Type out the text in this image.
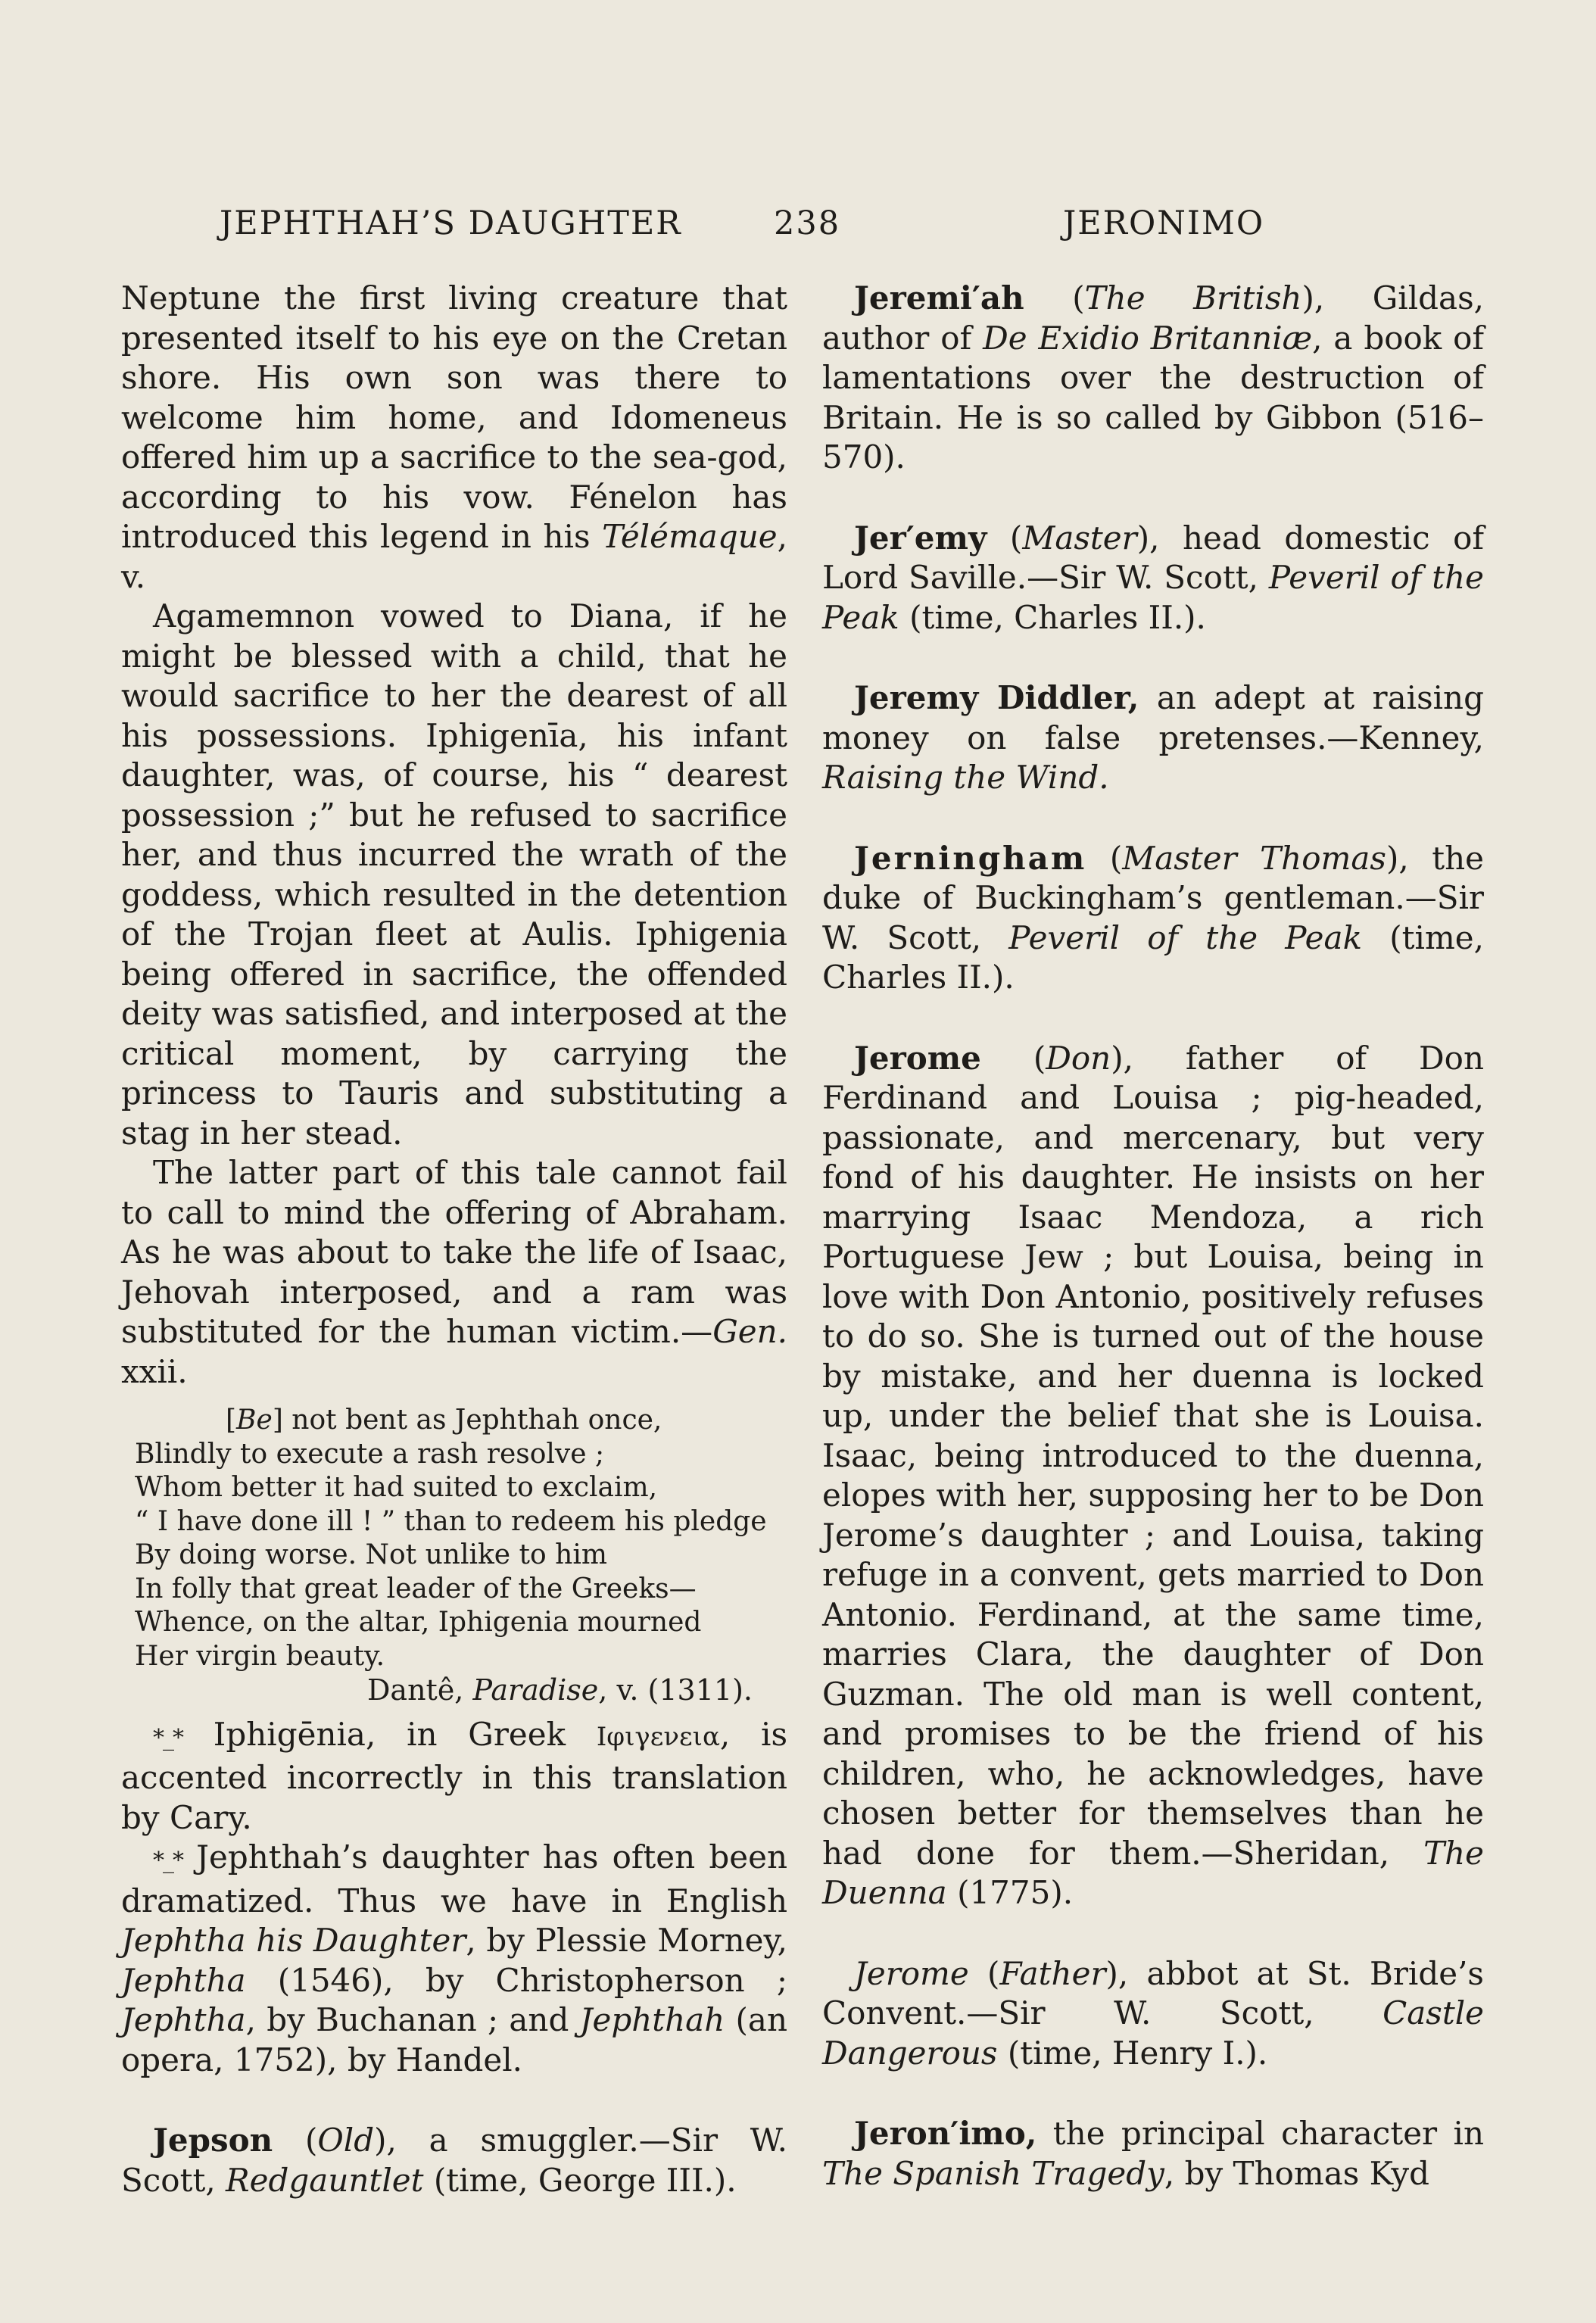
JEPHTHAH’S DAUGHTER	238	JERONIMO

Neptune the first living creature that presented itself to his eye on the Cretan shore. His own son was there to welcome him home, and Idomeneus offered him up a sacrifice to the sea-god, according to his vow. Fénelon has introduced this legend in his Télémaque, v.

Agamemnon vowed to Diana, if he might be blessed with a child, that he would sacrifice to her the dearest of all his possessions. Iphigenīa, his infant daughter, was, of course, his “ dearest possession ;” but he refused to sacrifice her, and thus incurred the wrath of the goddess, which resulted in the detention of the Trojan fleet at Aulis. Iphigenia being offered in sacrifice, the offended deity was satisfied, and interposed at the critical moment, by carrying the princess to Tauris and substituting a stag in her stead.

The latter part of this tale cannot fail to call to mind the offering of Abraham. As he was about to take the life of Isaac, Jehovah interposed, and a ram was substituted for the human victim.—Gen. xxii.

[Be] not bent as Jephthah once,
Blindly to execute a rash resolve ;
Whom better it had suited to exclaim,
“ I have done ill ! ” than to redeem his pledge
By doing worse. Not unlike to him
In folly that great leader of the Greeks—
Whence, on the altar, Iphigenia mourned
Her virgin beauty.
Dantê, Paradise, v. (1311).

*_* Iphigēnia, in Greek Ιφιγενεια, is accented incorrectly in this translation by Cary.

*_* Jephthah’s daughter has often been dramatized. Thus we have in English Jephtha his Daughter, by Plessie Morney, Jephtha (1546), by Christopherson ; Jephtha, by Buchanan ; and Jephthah (an opera, 1752), by Handel.

Jepson (Old), a smuggler.—Sir W. Scott, Redgauntlet (time, George III.).

Jeremi′ah (The British), Gildas, author of De Exidio Britanniæ, a book of lamentations over the destruction of Britain. He is so called by Gibbon (516–570).

Jer′emy (Master), head domestic of Lord Saville.—Sir W. Scott, Peveril of the Peak (time, Charles II.).

Jeremy Diddler, an adept at raising money on false pretenses.—Kenney, Raising the Wind.

Jerningham (Master Thomas), the duke of Buckingham’s gentleman.—Sir W. Scott, Peveril of the Peak (time, Charles II.).

Jerome (Don), father of Don Ferdinand and Louisa ; pig-headed, passionate, and mercenary, but very fond of his daughter. He insists on her marrying Isaac Mendoza, a rich Portuguese Jew ; but Louisa, being in love with Don Antonio, positively refuses to do so. She is turned out of the house by mistake, and her duenna is locked up, under the belief that she is Louisa. Isaac, being introduced to the duenna, elopes with her, supposing her to be Don Jerome’s daughter ; and Louisa, taking refuge in a convent, gets married to Don Antonio. Ferdinand, at the same time, marries Clara, the daughter of Don Guzman. The old man is well content, and promises to be the friend of his children, who, he acknowledges, have chosen better for themselves than he had done for them.—Sheridan, The Duenna (1775).

Jerome (Father), abbot at St. Bride’s Convent.—Sir W. Scott, Castle Dangerous (time, Henry I.).

Jeron′imo, the principal character in The Spanish Tragedy, by Thomas Kyd
